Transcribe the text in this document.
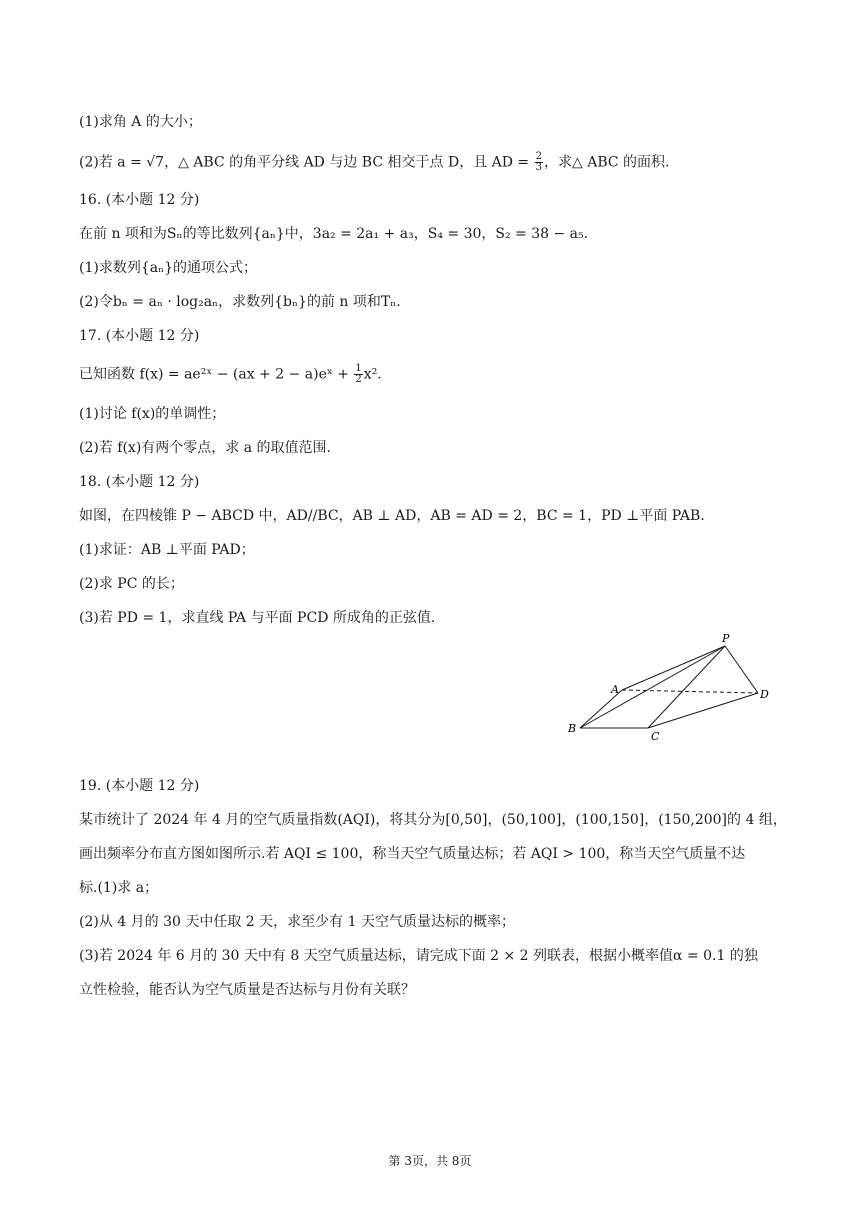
(1)求角 A 的大小；
(2)若 a = √7，△ ABC 的角平分线 AD 与边 BC 相交于点 D，且 AD = $\frac{2}{3}$ ，求△ ABC 的面积.
16. (本小题 12 分)
在前 n 项和为Sₙ的等比数列{aₙ}中，3a₂ = 2a₁ + a₃，S₄ = 30，S₂ = 38 − a₅.
(1)求数列{aₙ}的通项公式；
(2)令bₙ = aₙ · log₂aₙ，求数列{bₙ}的前 n 项和Tₙ.
17. (本小题 12 分)
已知函数 f(x) = ae²ˣ − (ax + 2 − a)eˣ + $\frac{1}{2} x^2$.
(1)讨论 f(x)的单调性；
(2)若 f(x)有两个零点，求 a 的取值范围.
18. (本小题 12 分)
如图，在四棱锥 P − ABCD 中，AD//BC，AB ⊥ AD，AB = AD = 2，BC = 1，PD ⊥平面 PAB.
(1)求证：AB ⊥平面 PAD；
(2)求 PC 的长；
(3)若 PD = 1，求直线 PA 与平面 PCD 所成角的正弦值.
P
A
B
C
D
19. (本小题 12 分)
某市统计了 2024 年 4 月的空气质量指数(AQI)，将其分为[0,50]，(50,100]，(100,150]，(150,200]的 4 组，
画出频率分布直方图如图所示.若 AQI ≤ 100，称当天空气质量达标；若 AQI > 100，称当天空气质量不达
标.(1)求 a；
(2)从 4 月的 30 天中任取 2 天，求至少有 1 天空气质量达标的概率；
(3)若 2024 年 6 月的 30 天中有 8 天空气质量达标，请完成下面 2 × 2 列联表，根据小概率值α = 0.1 的独
立性检验，能否认为空气质量是否达标与月份有关联？
第 3页，共 8页
